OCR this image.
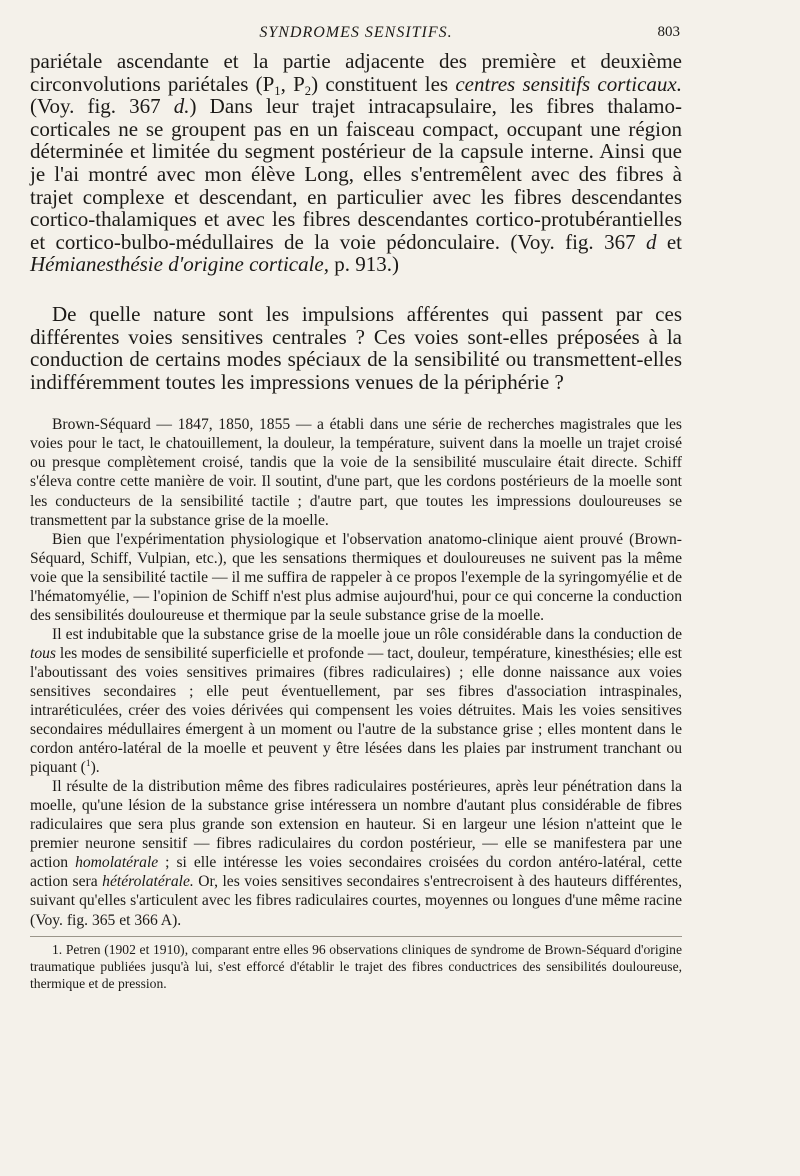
SYNDROMES SENSITIFS.	803

pariétale ascendante et la partie adjacente des première et deuxième circonvolutions pariétales ($P_1$, $P_2$) constituent les centres sensitifs corticaux. (Voy. fig. 367 d.) Dans leur trajet intracapsulaire, les fibres thalamo-corticales ne se groupent pas en un faisceau compact, occupant une région déterminée et limitée du segment postérieur de la capsule interne. Ainsi que je l'ai montré avec mon élève Long, elles s'entremêlent avec des fibres à trajet complexe et descendant, en particulier avec les fibres descendantes cortico-thalamiques et avec les fibres descendantes cortico-protubérantielles et cortico-bulbo-médullaires de la voie pédonculaire. (Voy. fig. 367 d et Hémianesthésie d'origine corticale, p. 913.)

De quelle nature sont les impulsions afférentes qui passent par ces différentes voies sensitives centrales ? Ces voies sont-elles préposées à la conduction de certains modes spéciaux de la sensibilité ou transmettent-elles indifféremment toutes les impressions venues de la périphérie ?

Brown-Séquard — 1847, 1850, 1855 — a établi dans une série de recherches magistrales que les voies pour le tact, le chatouillement, la douleur, la température, suivent dans la moelle un trajet croisé ou presque complètement croisé, tandis que la voie de la sensibilité musculaire était directe. Schiff s'éleva contre cette manière de voir. Il soutint, d'une part, que les cordons postérieurs de la moelle sont les conducteurs de la sensibilité tactile ; d'autre part, que toutes les impressions douloureuses se transmettent par la substance grise de la moelle.

Bien que l'expérimentation physiologique et l'observation anatomo-clinique aient prouvé (Brown-Séquard, Schiff, Vulpian, etc.), que les sensations thermiques et douloureuses ne suivent pas la même voie que la sensibilité tactile — il me suffira de rappeler à ce propos l'exemple de la syringomyélie et de l'hématomyélie, — l'opinion de Schiff n'est plus admise aujourd'hui, pour ce qui concerne la conduction des sensibilités douloureuse et thermique par la seule substance grise de la moelle.

Il est indubitable que la substance grise de la moelle joue un rôle considérable dans la conduction de tous les modes de sensibilité superficielle et profonde — tact, douleur, température, kinesthésies; elle est l'aboutissant des voies sensitives primaires (fibres radiculaires) ; elle donne naissance aux voies sensitives secondaires ; elle peut éventuellement, par ses fibres d'association intraspinales, intraréticulées, créer des voies dérivées qui compensent les voies détruites. Mais les voies sensitives secondaires médullaires émergent à un moment ou l'autre de la substance grise ; elles montent dans le cordon antéro-latéral de la moelle et peuvent y être lésées dans les plaies par instrument tranchant ou piquant ($^1$).

Il résulte de la distribution même des fibres radiculaires postérieures, après leur pénétration dans la moelle, qu'une lésion de la substance grise intéressera un nombre d'autant plus considérable de fibres radiculaires que sera plus grande son extension en hauteur. Si en largeur une lésion n'atteint que le premier neurone sensitif — fibres radiculaires du cordon postérieur, — elle se manifestera par une action homolatérale ; si elle intéresse les voies secondaires croisées du cordon antéro-latéral, cette action sera hétérolatérale. Or, les voies sensitives secondaires s'entrecroisent à des hauteurs différentes, suivant qu'elles s'articulent avec les fibres radiculaires courtes, moyennes ou longues d'une même racine (Voy. fig. 365 et 366 A).

1. Petren (1902 et 1910), comparant entre elles 96 observations cliniques de syndrome de Brown-Séquard d'origine traumatique publiées jusqu'à lui, s'est efforcé d'établir le trajet des fibres conductrices des sensibilités douloureuse, thermique et de pression.
